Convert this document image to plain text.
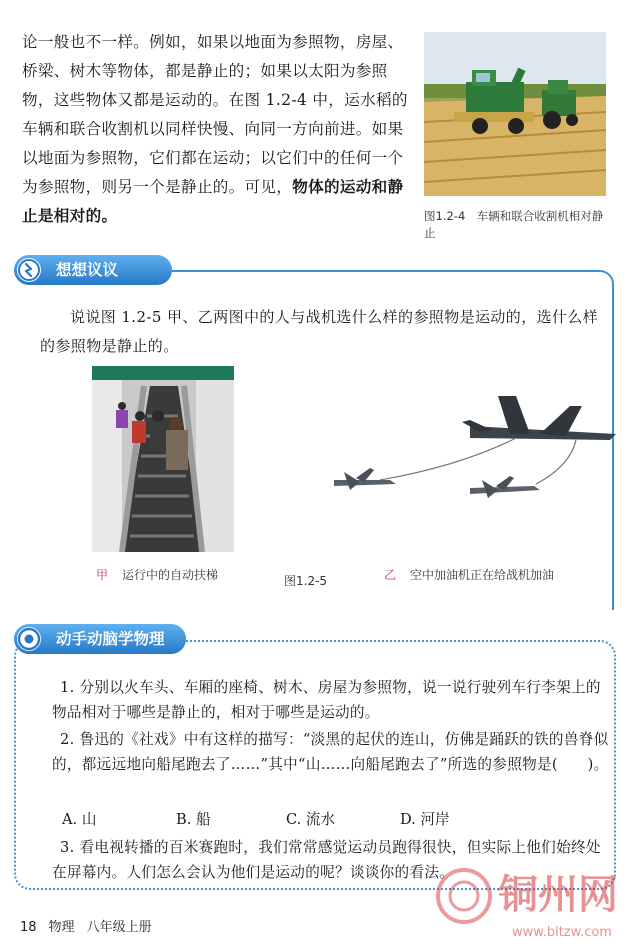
论一般也不一样。例如，如果以地面为参照物，房屋、桥梁、树木等物体，都是静止的；如果以太阳为参照物，这些物体又都是运动的。在图 1.2-4 中，运水稻的车辆和联合收割机以同样快慢、向同一方向前进。如果以地面为参照物，它们都在运动；以它们中的任何一个为参照物，则另一个是静止的。可见，物体的运动和静止是相对的。	图1.2-4　车辆和联合收割机相对静止
想想议议
说说图 1.2-5 甲、乙两图中的人与战机选什么样的参照物是运动的，选什么样的参照物是静止的。
甲 运行中的自动扶梯	图1.2-5	乙 空中加油机正在给战机加油
动手动脑学物理
1. 分别以火车头、车厢的座椅、树木、房屋为参照物，说一说行驶列车行李架上的物品相对于哪些是静止的，相对于哪些是运动的。
2. 鲁迅的《社戏》中有这样的描写：“淡黑的起伏的连山，仿佛是踊跃的铁的兽脊似的，都远远地向船尾跑去了……”其中“山……向船尾跑去了”所选的参照物是(　　)。
A. 山	B. 船	C. 流水	D. 河岸
3. 看电视转播的百米赛跑时，我们常常感觉运动员跑得很快，但实际上他们始终处在屏幕内。人们怎么会认为他们是运动的呢？谈谈你的看法。
18 物理 八年级上册
铜州网
www.bltzw.com
